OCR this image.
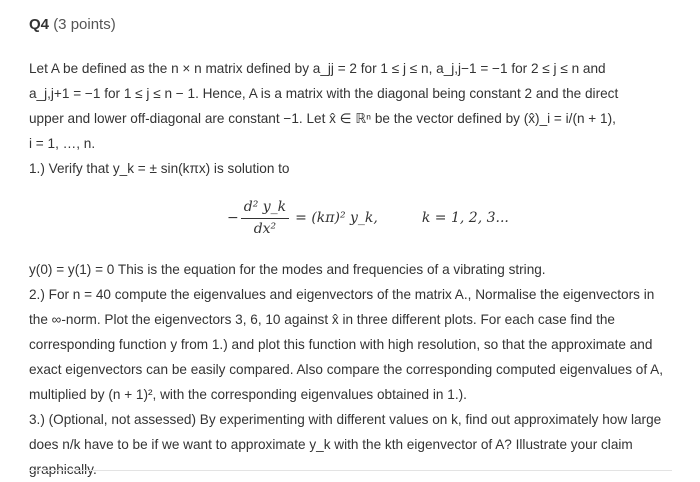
Q4 (3 points)
Let A be defined as the n × n matrix defined by a_jj = 2 for 1 ≤ j ≤ n, a_j,j−1 = −1 for 2 ≤ j ≤ n and
a_j,j+1 = −1 for 1 ≤ j ≤ n − 1. Hence, A is a matrix with the diagonal being constant 2 and the direct
upper and lower off-diagonal are constant −1. Let x̂ ∈ ℝⁿ be the vector defined by (x̂)_i = i/(n + 1),
i = 1, …, n.
1.) Verify that y_k = ± sin(kπx) is solution to
− $\frac{\text{d² y\_k}}{\text{dx²}} = (k\pi)^2$ y_k,	k = 1, 2, 3...
y(0) = y(1) = 0 This is the equation for the modes and frequencies of a vibrating string.
2.) For n = 40 compute the eigenvalues and eigenvectors of the matrix A., Normalise the eigenvectors in
the ∞-norm. Plot the eigenvectors 3, 6, 10 against x̂ in three different plots. For each case find the
corresponding function y from 1.) and plot this function with high resolution, so that the approximate and
exact eigenvectors can be easily compared. Also compare the corresponding computed eigenvalues of A,
multiplied by (n + 1)², with the corresponding eigenvalues obtained in 1.).
3.) (Optional, not assessed) By experimenting with different values on k, find out approximately how large
does n/k have to be if we want to approximate y_k with the kth eigenvector of A? Illustrate your claim
graphically.
